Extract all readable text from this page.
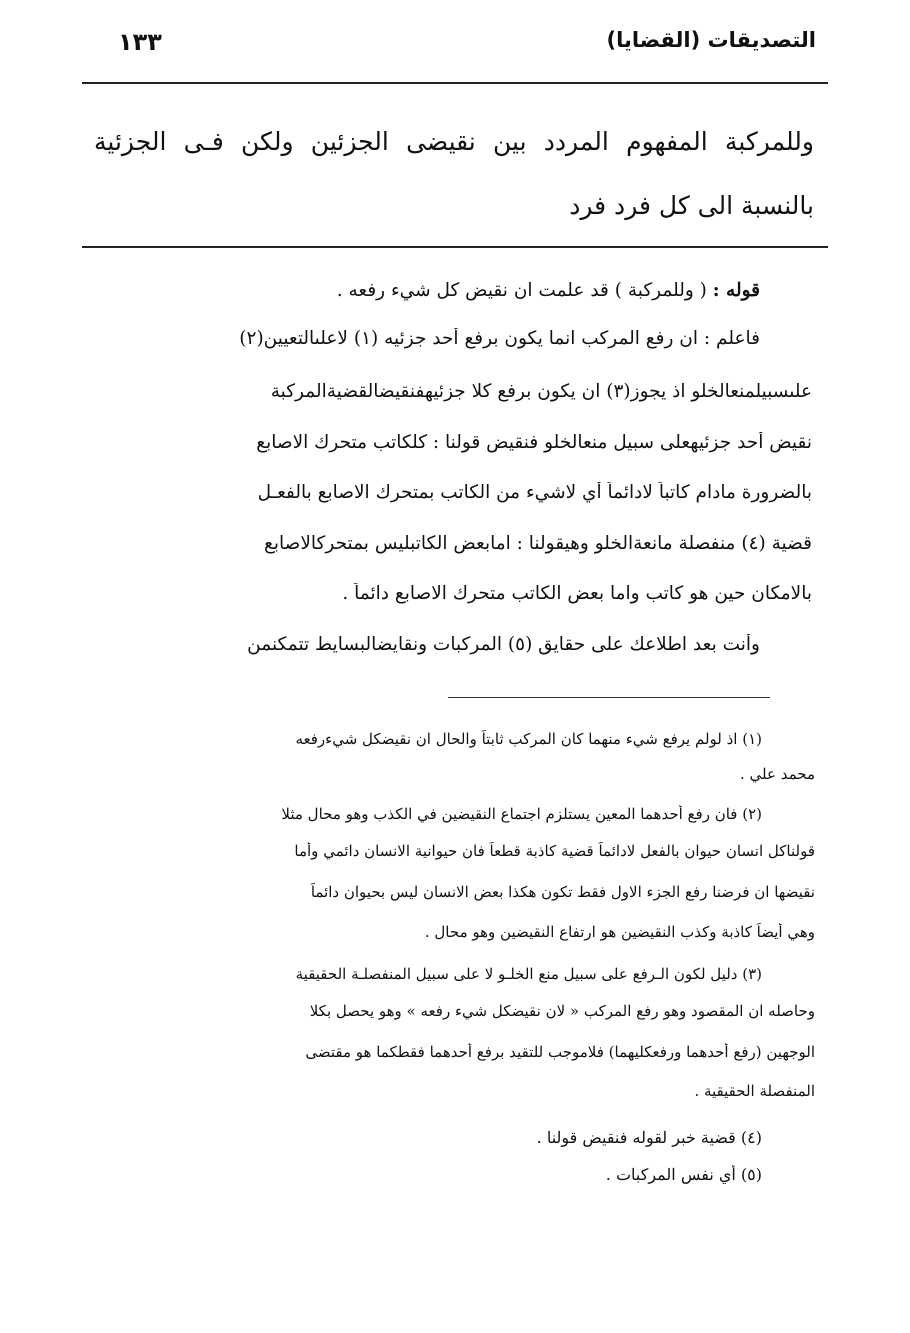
التصديقات (القضايا)
١٣٣
وللمركبة المفهوم المردد بين نقيضى الجزئين ولكن فـى الجزئية بالنسبة الى كل فرد فرد
قوله : ( وللمركبة ) قد علمت ان نقيض كل شيء رفعه .
فاعلم : ان رفع المركب انما يكون برفع أحد جزئيه (١) لاعلىالتعيين(٢)
علىسبيلمنعالخلو اذ يجوز(٣) ان يكون برفع كلا جزئيهفنقيضالقضيةالمركبة
نقيض أحد جزئيهعلى سبيل منعالخلو فنقيض قولنا : كلكاتب متحرك الاصابع
بالضرورة مادام كاتباً لادائماً أي لاشيء من الكاتب بمتحرك الاصابع بالفعـل
قضية (٤) منفصلة مانعةالخلو وهيقولنا : امابعض الكاتبليس بمتحركالاصابع
بالامكان حين هو كاتب واما بعض الكاتب متحرك الاصابع دائماً .
وأنت بعد اطلاعك على حقايق (٥) المركبات ونقايضالبسايط تتمكنمن
(١) اذ لولم يرفع شيء منهما كان المركب ثابتاً والحال ان نقيضكل شيءرفعه
محمد علي .
(٢) فان رفع أحدهما المعين يستلزم اجتماع النقيضين في الكذب وهو محال مثلا
قولناكل انسان حيوان بالفعل لادائماً قضية كاذبة قطعاً فان حيوانية الانسان دائمي وأما
نقيضها ان فرضنا رفع الجزء الاول فقط تكون هكذا بعض الانسان ليس بحيوان دائماً
وهي أيضاً كاذبة وكذب النقيضين هو ارتفاع النقيضين وهو محال .
(٣) دليل لكون الـرفع على سبيل منع الخلـو لا على سبيل المنفصلـة الحقيقية
وحاصله ان المقصود وهو رفع المركب « لان نقيضكل شيء رفعه » وهو يحصل بكلا
الوجهين (رفع أحدهما ورفعكليهما) فلاموجب للتقيد برفع أحدهما فقطكما هو مقتضى
المنفصلة الحقيقية .
(٤) قضية خبر لقوله فنقيض قولنا .
(٥) أي نفس المركبات .
